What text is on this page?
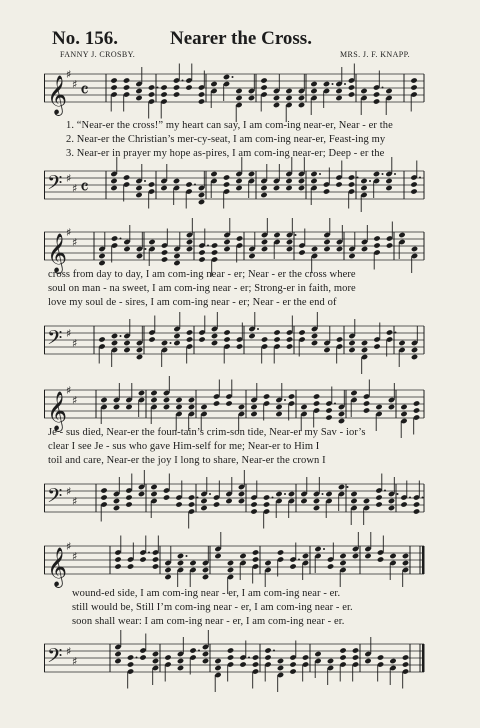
No. 156.	Nearer the Cross.
FANNY J. CROSBY.	MRS. J. F. KNAPP.
𝄞
♯
♯ 𝄴
1. “Near-er the cross!” my heart can say, I am com-ing near-er, Near - er the
2. Near-er the Christian’s mer-cy-seat, I am com-ing near-er, Feast-ing my
3. Near-er in prayer my hope as-pires, I am com-ing near-er; Deep - er the
𝄢 ♯
♯ 𝄴
𝄞
♯
♯
cross from day to day, I am com-ing near - er; Near - er the cross where
soul on man - na sweet, I am com-ing near - er; Strong-er in faith, more
love my soul de - sires, I am com-ing near - er; Near - er the end of
𝄢 ♯
♯
𝄞
♯
♯
Je - sus died, Near-er the foun-tain’s crim-son tide, Near-er my Sav - ior’s
clear I see Je - sus who gave Him-self for me; Near-er to Him I
toil and care, Near-er the joy I long to share, Near-er the crown I
𝄢 ♯
♯
𝄞
♯
♯
wound-ed side, I am com-ing near - er, I am com-ing near - er.
still would be, Still I’m com-ing near - er, I am com-ing near - er.
soon shall wear: I am com-ing near - er, I am com-ing near - er.
𝄢 ♯
♯
